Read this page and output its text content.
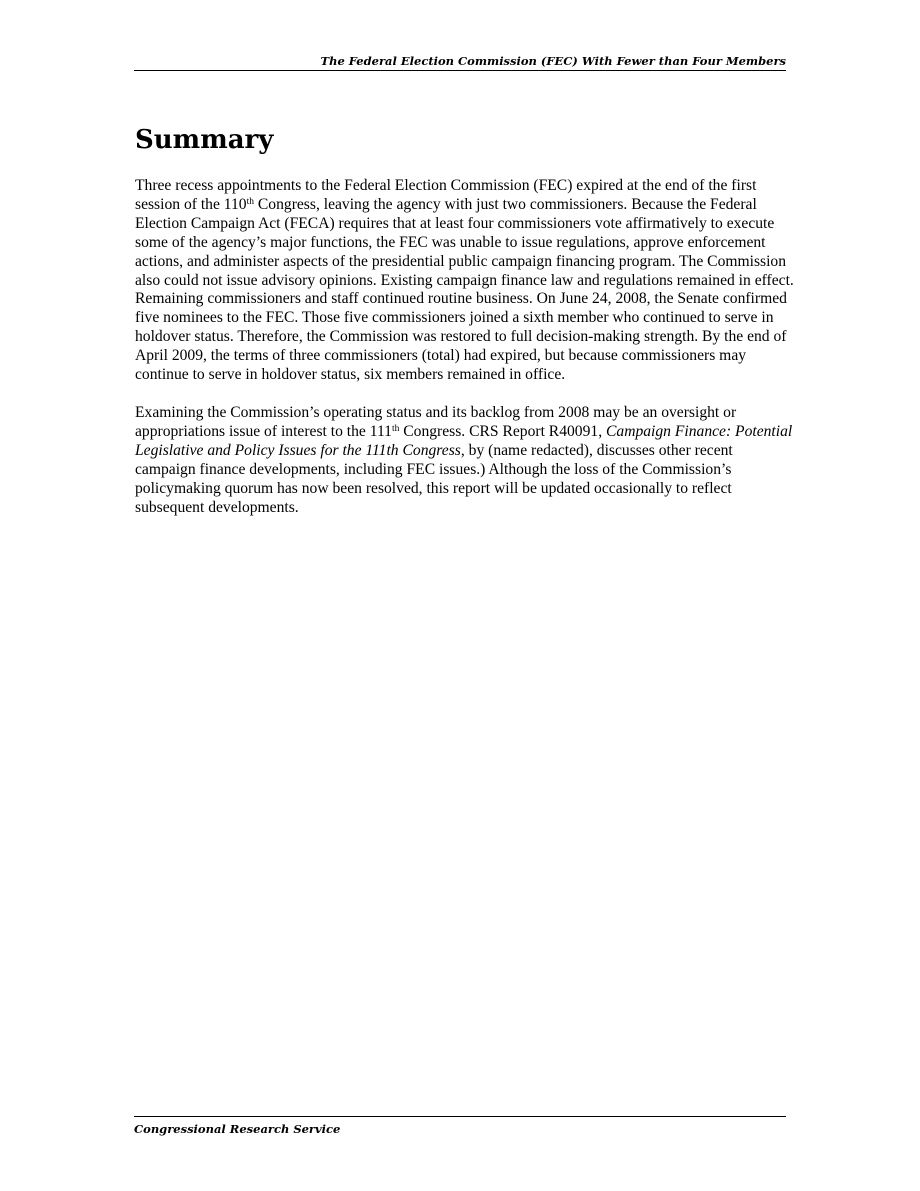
The Federal Election Commission (FEC) With Fewer than Four Members
Summary

Three recess appointments to the Federal Election Commission (FEC) expired at the end of the first session of the 110th Congress, leaving the agency with just two commissioners. Because the Federal Election Campaign Act (FECA) requires that at least four commissioners vote affirmatively to execute some of the agency’s major functions, the FEC was unable to issue regulations, approve enforcement actions, and administer aspects of the presidential public campaign financing program. The Commission also could not issue advisory opinions. Existing campaign finance law and regulations remained in effect. Remaining commissioners and staff continued routine business. On June 24, 2008, the Senate confirmed five nominees to the FEC. Those five commissioners joined a sixth member who continued to serve in holdover status. Therefore, the Commission was restored to full decision-making strength. By the end of April 2009, the terms of three commissioners (total) had expired, but because commissioners may continue to serve in holdover status, six members remained in office.

Examining the Commission’s operating status and its backlog from 2008 may be an oversight or appropriations issue of interest to the 111th Congress. CRS Report R40091, Campaign Finance: Potential Legislative and Policy Issues for the 111th Congress, by (name redacted), discusses other recent campaign finance developments, including FEC issues.) Although the loss of the Commission’s policymaking quorum has now been resolved, this report will be updated occasionally to reflect subsequent developments.

Congressional Research Service
